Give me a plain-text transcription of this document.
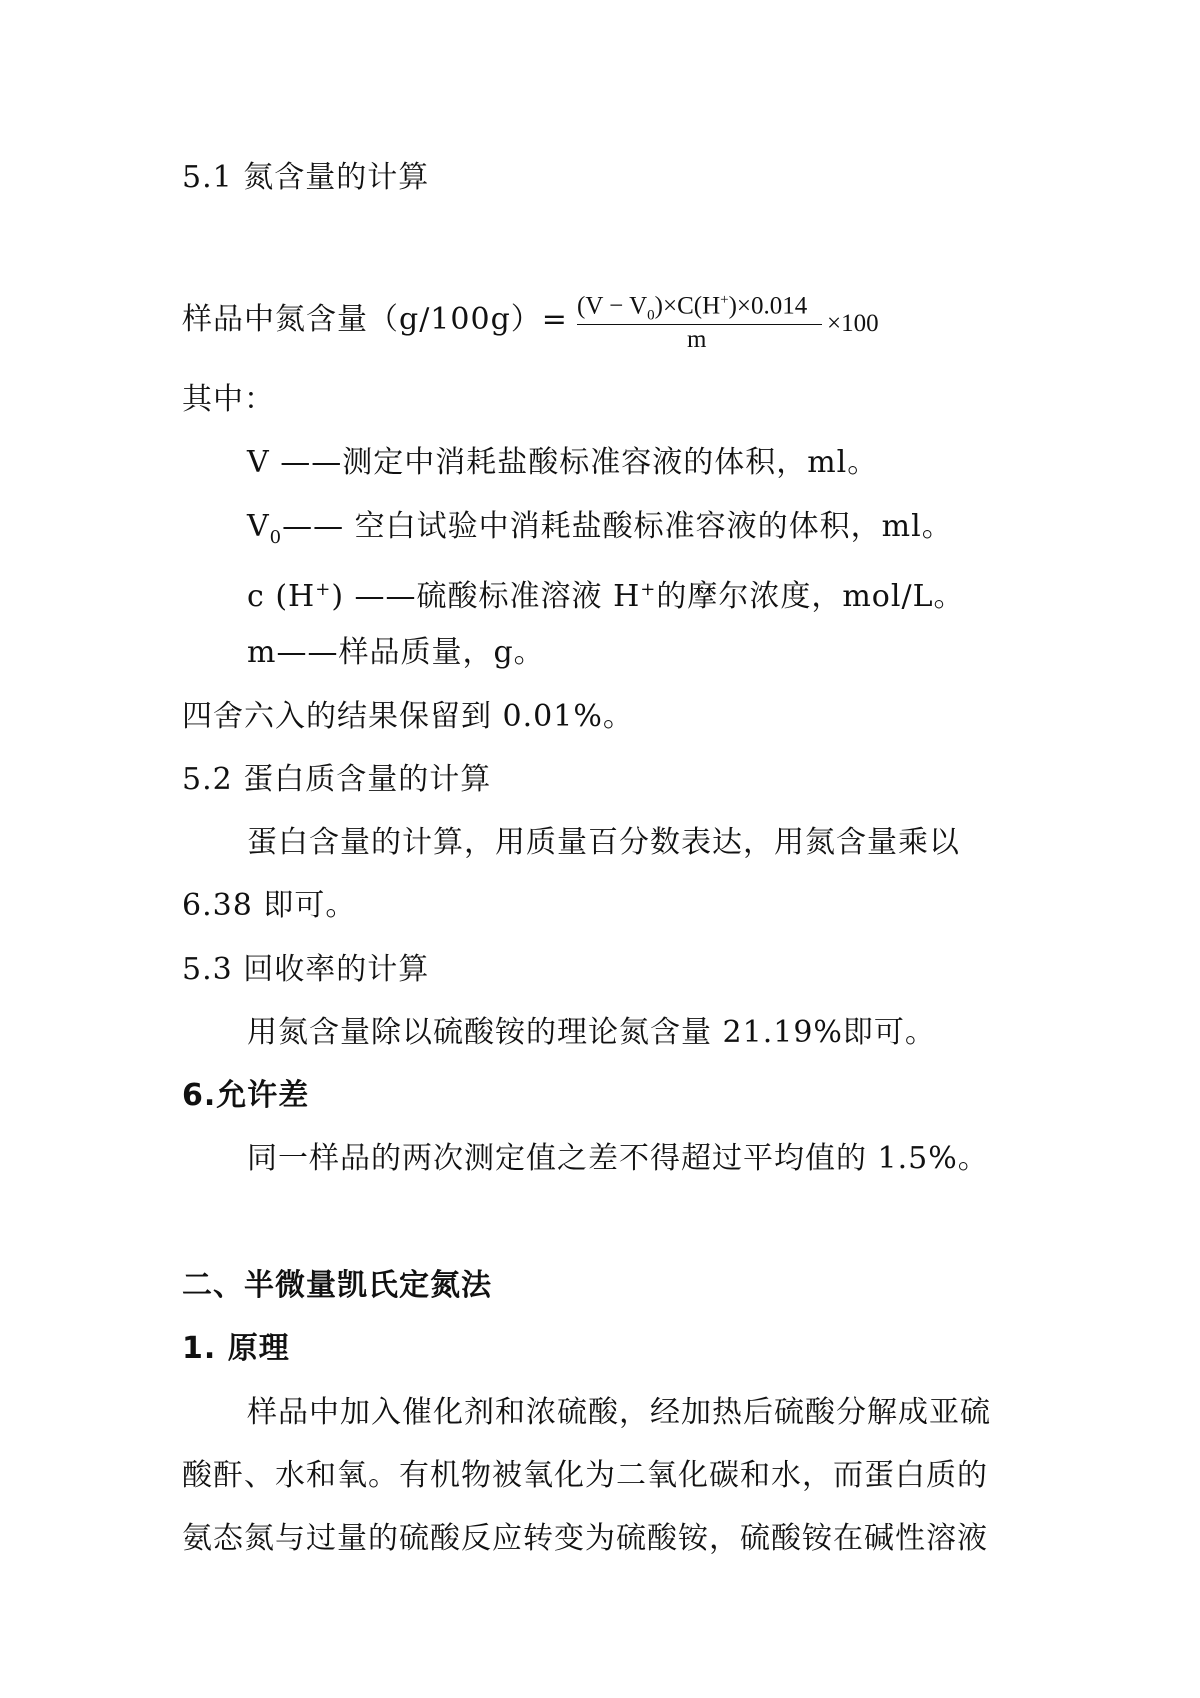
5.1 氮含量的计算
样品中氮含量$(g/100g)= (V - V_0)\times C(H^+)\times 0.014$
m
×100
其中：
V ——测定中消耗盐酸标准容液的体积，ml。
$V_0——$ 空白试验中消耗盐酸标准容液的体积，ml。
c (H+) ——硫酸标准溶液 H+的摩尔浓度，mol/L。
m——样品质量，g。
四舍六入的结果保留到 0.01%。
5.2 蛋白质含量的计算
蛋白含量的计算，用质量百分数表达，用氮含量乘以
6.38 即可。
5.3 回收率的计算
用氮含量除以硫酸铵的理论氮含量 21.19%即可。
6.允许差
同一样品的两次测定值之差不得超过平均值的 1.5%。
二、半微量凯氏定氮法
1. 原理
样品中加入催化剂和浓硫酸，经加热后硫酸分解成亚硫
酸酐、水和氧。有机物被氧化为二氧化碳和水，而蛋白质的
氨态氮与过量的硫酸反应转变为硫酸铵，硫酸铵在碱性溶液
